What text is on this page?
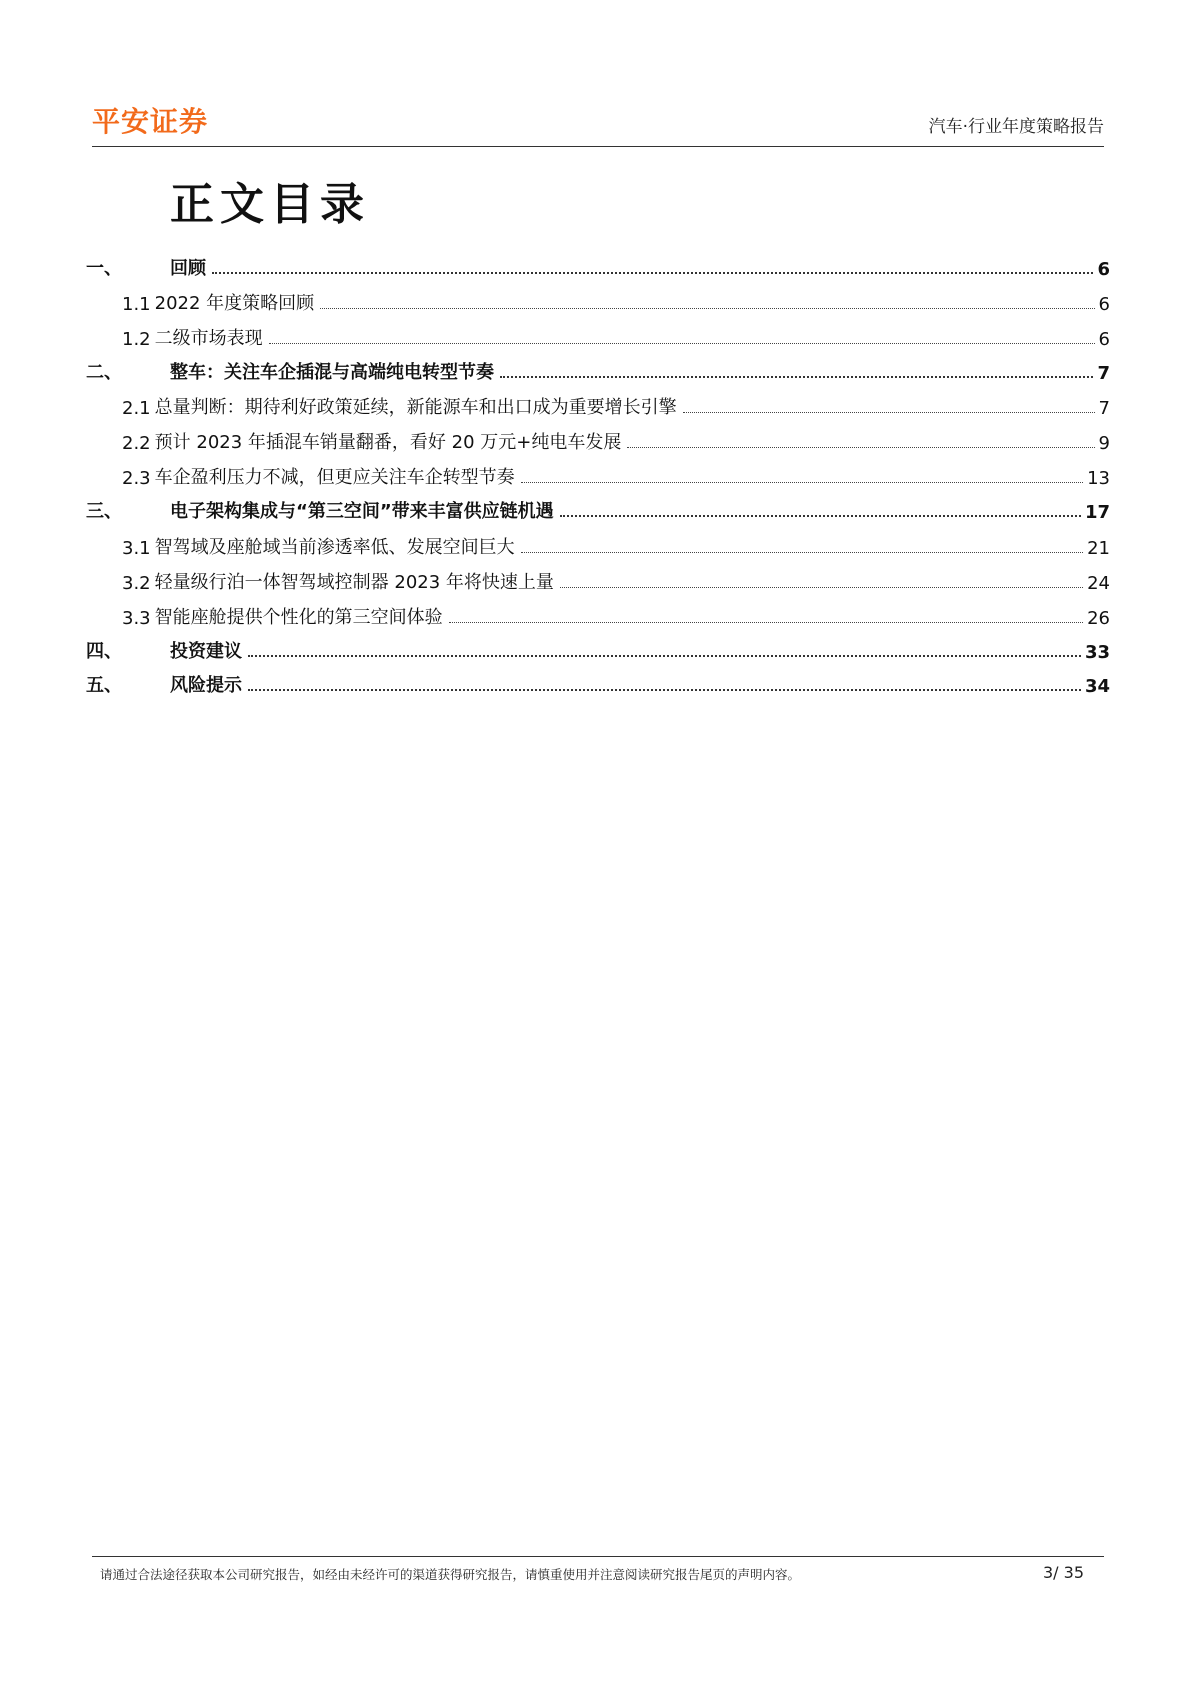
平安证券	汽车·行业年度策略报告
正文目录
一、	回顾	6
1.1 2022 年度策略回顾	6
1.2 二级市场表现	6
二、	整车：关注车企插混与高端纯电转型节奏	7
2.1 总量判断：期待利好政策延续，新能源车和出口成为重要增长引擎	7
2.2 预计 2023 年插混车销量翻番，看好 20 万元+纯电车发展	9
2.3 车企盈利压力不减，但更应关注车企转型节奏	13
三、	电子架构集成与“第三空间”带来丰富供应链机遇	17
3.1 智驾域及座舱域当前渗透率低、发展空间巨大	21
3.2 轻量级行泊一体智驾域控制器 2023 年将快速上量	24
3.3 智能座舱提供个性化的第三空间体验	26
四、	投资建议	33
五、	风险提示	34
请通过合法途径获取本公司研究报告，如经由未经许可的渠道获得研究报告，请慎重使用并注意阅读研究报告尾页的声明内容。	3/ 35
